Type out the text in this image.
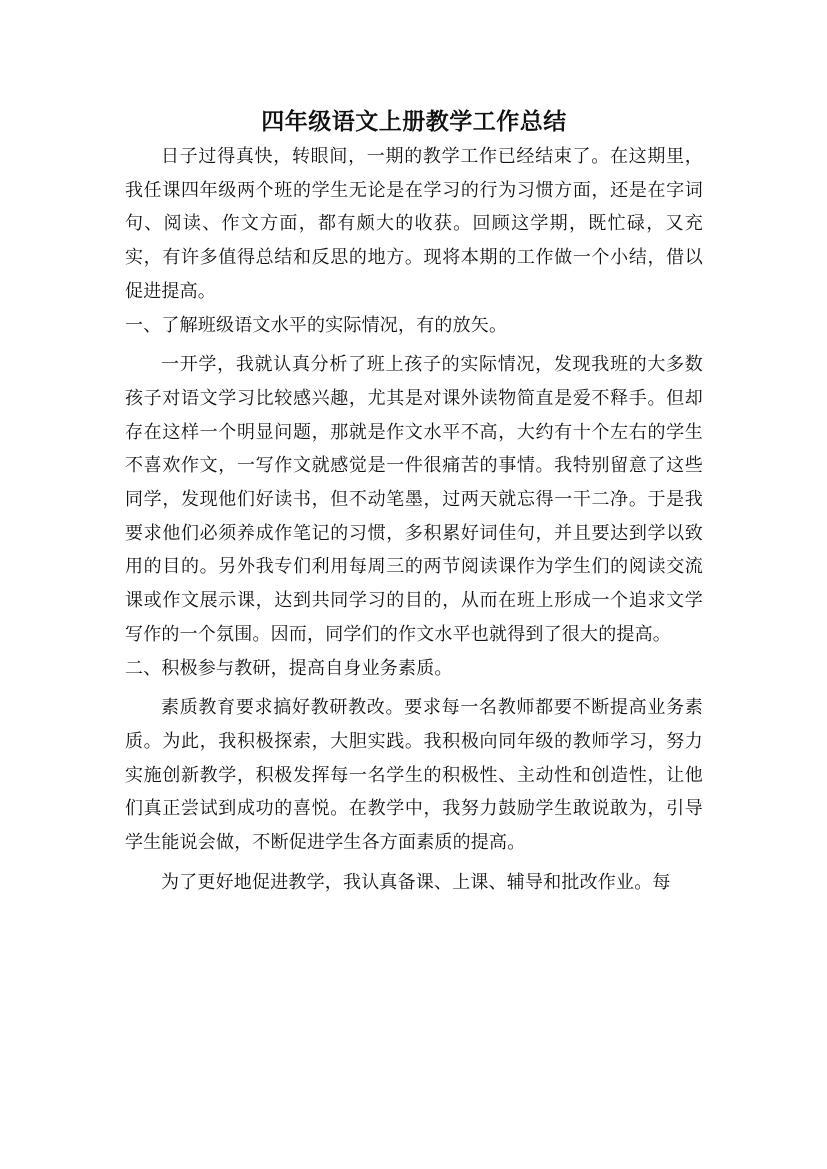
四年级语文上册教学工作总结

日子过得真快，转眼间，一期的教学工作已经结束了。在这期里，我任课四年级两个班的学生无论是在学习的行为习惯方面，还是在字词句、阅读、作文方面，都有颇大的收获。回顾这学期，既忙碌，又充实，有许多值得总结和反思的地方。现将本期的工作做一个小结，借以促进提高。

一、了解班级语文水平的实际情况，有的放矢。

一开学，我就认真分析了班上孩子的实际情况，发现我班的大多数孩子对语文学习比较感兴趣，尤其是对课外读物简直是爱不释手。但却存在这样一个明显问题，那就是作文水平不高，大约有十个左右的学生不喜欢作文，一写作文就感觉是一件很痛苦的事情。我特别留意了这些同学，发现他们好读书，但不动笔墨，过两天就忘得一干二净。于是我要求他们必须养成作笔记的习惯，多积累好词佳句，并且要达到学以致用的目的。另外我专们利用每周三的两节阅读课作为学生们的阅读交流课或作文展示课，达到共同学习的目的，从而在班上形成一个追求文学写作的一个氛围。因而，同学们的作文水平也就得到了很大的提高。

二、积极参与教研，提高自身业务素质。

素质教育要求搞好教研教改。要求每一名教师都要不断提高业务素质。为此，我积极探索，大胆实践。我积极向同年级的教师学习，努力实施创新教学，积极发挥每一名学生的积极性、主动性和创造性，让他们真正尝试到成功的喜悦。在教学中，我努力鼓励学生敢说敢为，引导学生能说会做，不断促进学生各方面素质的提高。

为了更好地促进教学，我认真备课、上课、辅导和批改作业。每
